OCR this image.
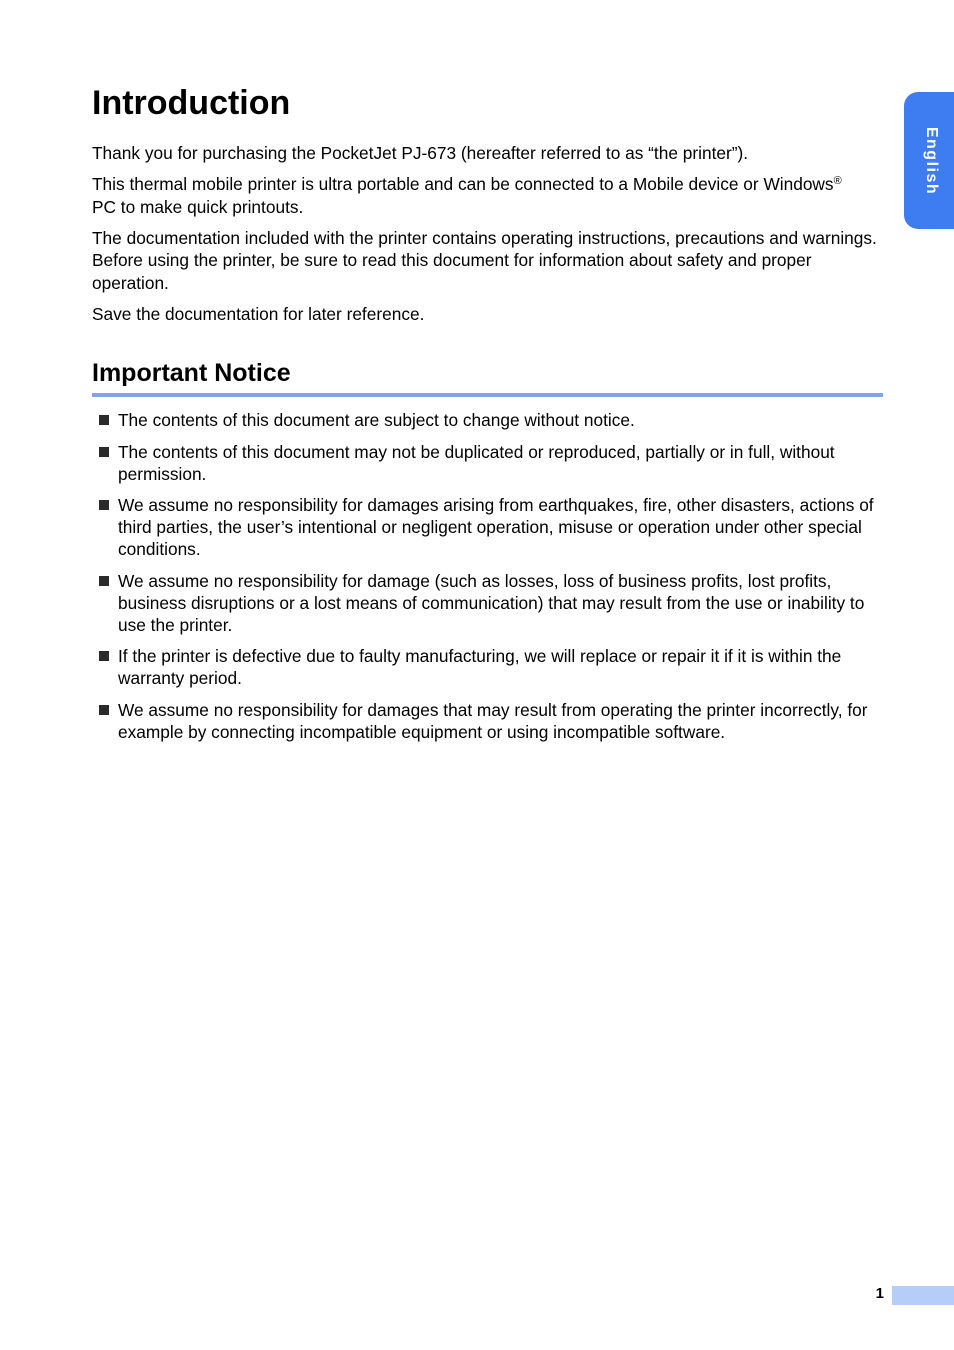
Introduction

Thank you for purchasing the PocketJet PJ-673 (hereafter referred to as “the printer”).

This thermal mobile printer is ultra portable and can be connected to a Mobile device or Windows®
PC to make quick printouts.

The documentation included with the printer contains operating instructions, precautions and warnings. Before using the printer, be sure to read this document for information about safety and proper operation.

Save the documentation for later reference.

Important Notice
The contents of this document are subject to change without notice.
The contents of this document may not be duplicated or reproduced, partially or in full, without permission.
We assume no responsibility for damages arising from earthquakes, fire, other disasters, actions of third parties, the user’s intentional or negligent operation, misuse or operation under other special conditions.
We assume no responsibility for damage (such as losses, loss of business profits, lost profits, business disruptions or a lost means of communication) that may result from the use or inability to use the printer.
If the printer is defective due to faulty manufacturing, we will replace or repair it if it is within the warranty period.
We assume no responsibility for damages that may result from operating the printer incorrectly, for example by connecting incompatible equipment or using incompatible software.
English
1
